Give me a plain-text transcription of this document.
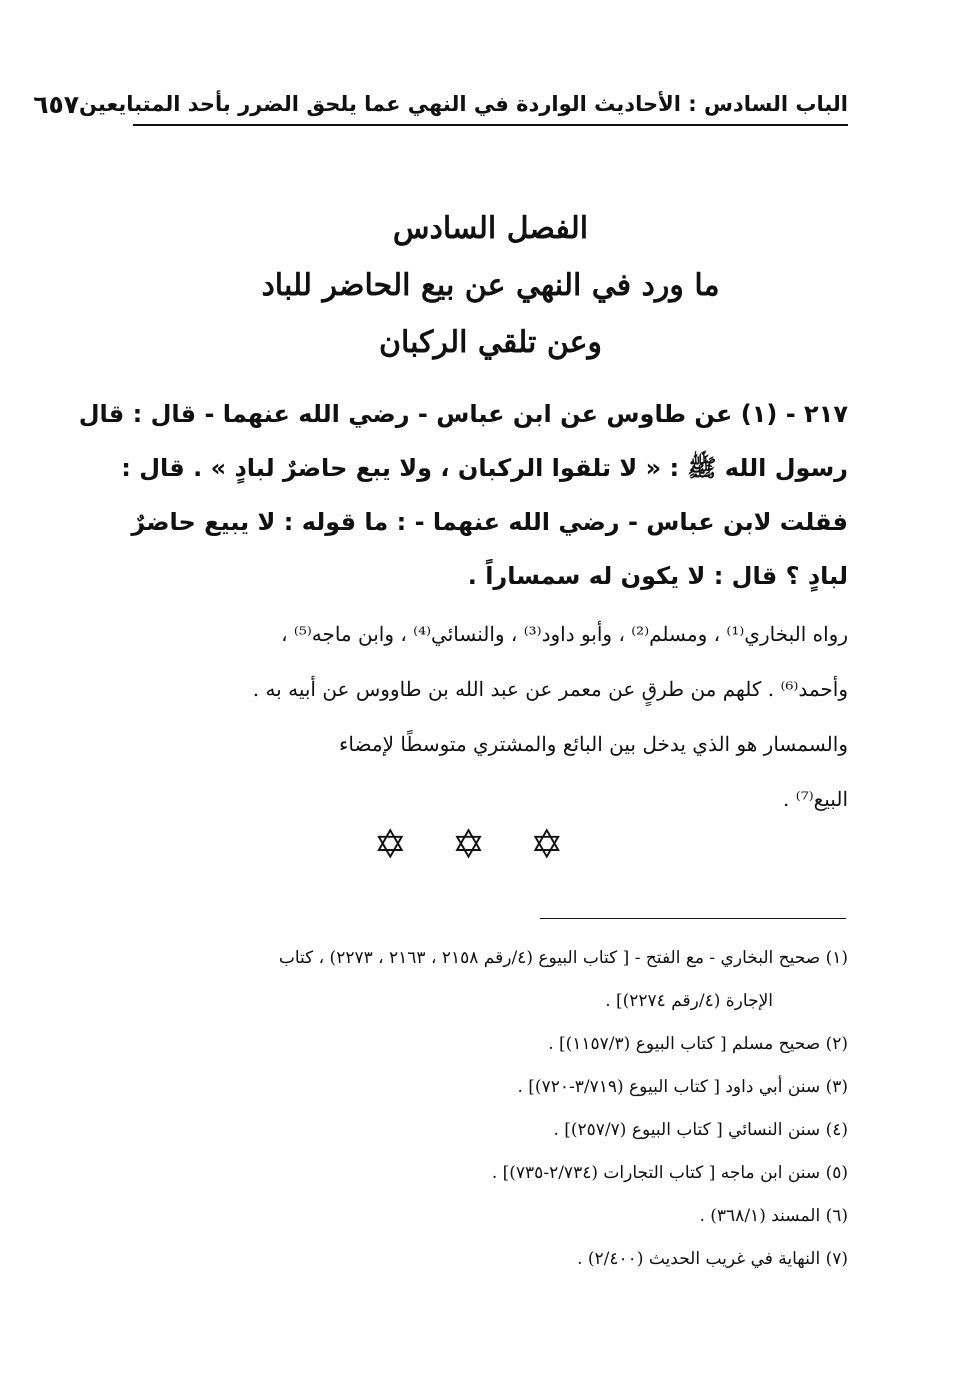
الباب السادس : الأحاديث الواردة في النهي عما يلحق الضرر بأحد المتبايعين
٦٥٧
الفصل السادس
ما ورد في النهي عن بيع الحاضر للباد
وعن تلقي الركبان

٢١٧ - (١) عن طاوس عن ابن عباس - رضي الله عنهما - قال : قال

رسول الله ﷺ : « لا تلقوا الركبان ، ولا يبع حاضرٌ لبادٍ » . قال :

فقلت لابن عباس - رضي الله عنهما - : ما قوله : لا يبيع حاضرٌ

لبادٍ ؟ قال : لا يكون له سمساراً .

رواه البخاري⁽¹⁾ ، ومسلم⁽²⁾ ، وأبو داود⁽³⁾ ، والنسائي⁽⁴⁾ ، وابن ماجه⁽⁵⁾ ،

وأحمد⁽⁶⁾ . كلهم من طرقٍ عن معمر عن عبد الله بن طاووس عن أبيه به .

والسمسار هو الذي يدخل بين البائع والمشتري متوسطًا لإمضاء

البيع⁽⁷⁾ .

✡ ✡ ✡

(١) صحيح البخاري - مع الفتح - [ كتاب البيوع (٤/رقم ٢١٥٨ ، ٢١٦٣ ، ٢٢٧٣) ، كتاب

الإجارة (٤/رقم ٢٢٧٤)] .

(٢) صحيح مسلم [ كتاب البيوع (١١٥٧/٣)] .

(٣) سنن أبي داود [ كتاب البيوع (٣/٧١٩-٧٢٠)] .

(٤) سنن النسائي [ كتاب البيوع (٢٥٧/٧)] .

(٥) سنن ابن ماجه [ كتاب التجارات (٢/٧٣٤-٧٣٥)] .

(٦) المسند (٣٦٨/١) .

(٧) النهاية في غريب الحديث (٢/٤٠٠) .
